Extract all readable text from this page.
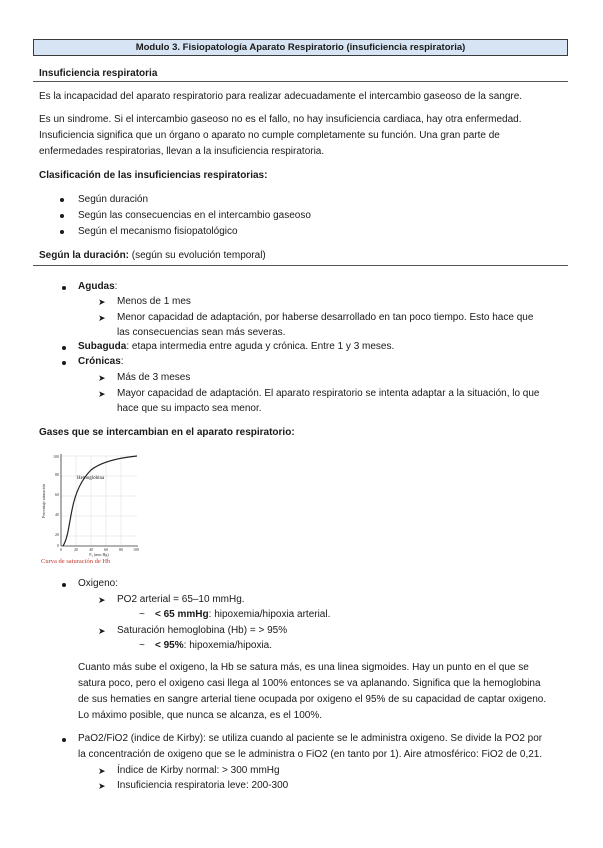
Modulo 3. Fisiopatología Aparato Respiratorio (insuficiencia respiratoria)
Insuficiencia respiratoria
Es la incapacidad del aparato respiratorio para realizar adecuadamente el intercambio gaseoso de la sangre.
Es un sindrome. Si el intercambio gaseoso no es el fallo, no hay insuficiencia cardiaca, hay otra enfermedad.
Insuficiencia significa que un órgano o aparato no cumple completamente su función. Una gran parte de
enfermedades respiratorias, llevan a la insuficiencia respiratoria.
Clasificación de las insuficiencias respiratorias:
Según duración
Según las consecuencias en el intercambio gaseoso
Según el mecanismo fisiopatológico
Según la duración: (según su evolución temporal)
Agudas:
➤ Menos de 1 mes
➤ Menor capacidad de adaptación, por haberse desarrollado en tan poco tiempo. Esto hace que
las consecuencias sean más severas.
Subaguda: etapa intermedia entre aguda y crónica. Entre 1 y 3 meses.
Crónicas:
➤ Más de 3 meses
➤ Mayor capacidad de adaptación. El aparato respiratorio se intenta adaptar a la situación, lo que
hace que su impacto sea menor.
Gases que se intercambian en el aparato respiratorio:
Hemoglobina
100
80
60
40
20
0
0	20	40	60	80	100
P₂ (mm Hg)
Porcentaje saturación
Curva de saturación de Hb
Oxigeno:
➤ PO2 arterial = 65–10 mmHg.
~ < 65 mmHg: hipoxemia/hipoxia arterial.
➤ Saturación hemoglobina (Hb) = > 95%
~ < 95%: hipoxemia/hipoxia.
Cuanto más sube el oxigeno, la Hb se satura más, es una linea sigmoides. Hay un punto en el que se
satura poco, pero el oxigeno casi llega al 100% entonces se va aplanando. Significa que la hemoglobina
de sus hematies en sangre arterial tiene ocupada por oxigeno el 95% de su capacidad de captar oxigeno.
Lo máximo posible, que nunca se alcanza, es el 100%.
PaO2/FiO2 (indice de Kirby): se utiliza cuando al paciente se le administra oxigeno. Se divide la PO2 por
la concentración de oxigeno que se le administra o FiO2 (en tanto por 1). Aire atmosférico: FiO2 de 0,21.
➤ Índice de Kirby normal: > 300 mmHg
➤ Insuficiencia respiratoria leve: 200-300
